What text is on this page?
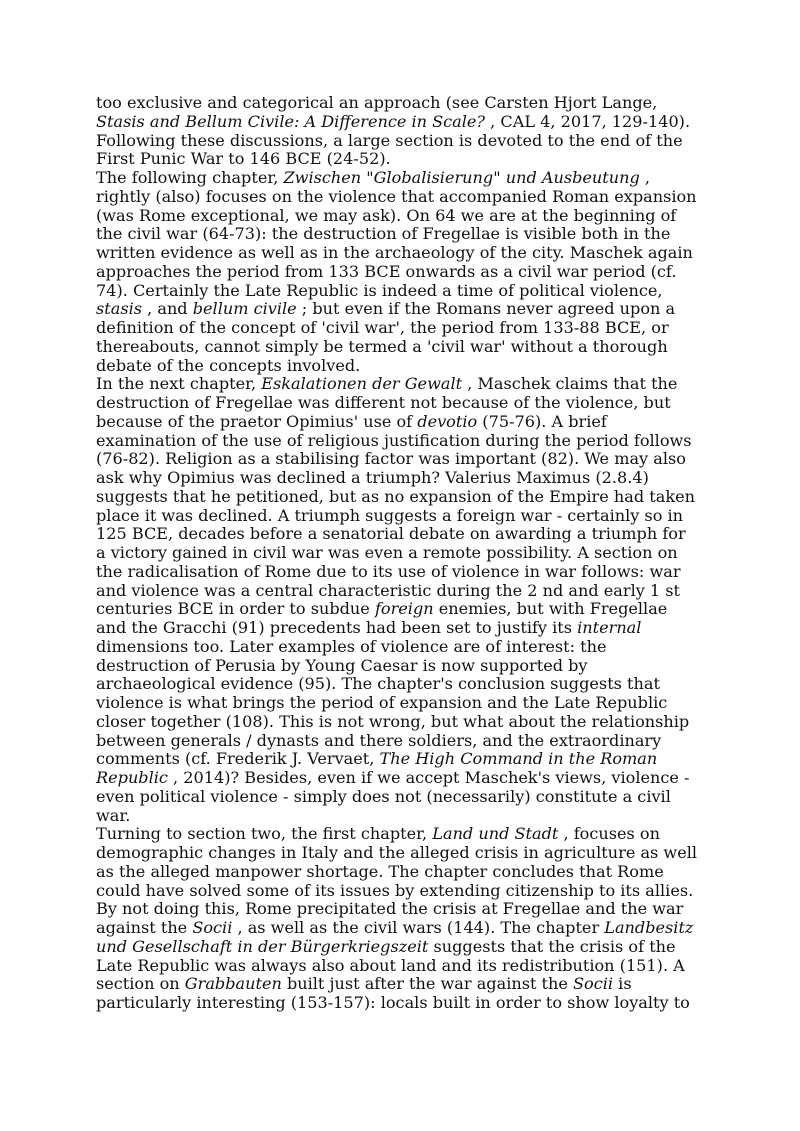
too exclusive and categorical an approach (see Carsten Hjort Lange,
Stasis and Bellum Civile: A Difference in Scale? , CAL 4, 2017, 129-140).
Following these discussions, a large section is devoted to the end of the
First Punic War to 146 BCE (24-52).
The following chapter, Zwischen "Globalisierung" und Ausbeutung ,
rightly (also) focuses on the violence that accompanied Roman expansion
(was Rome exceptional, we may ask). On 64 we are at the beginning of
the civil war (64-73): the destruction of Fregellae is visible both in the
written evidence as well as in the archaeology of the city. Maschek again
approaches the period from 133 BCE onwards as a civil war period (cf.
74). Certainly the Late Republic is indeed a time of political violence,
stasis , and bellum civile ; but even if the Romans never agreed upon a
definition of the concept of 'civil war', the period from 133-88 BCE, or
thereabouts, cannot simply be termed a 'civil war' without a thorough
debate of the concepts involved.
In the next chapter, Eskalationen der Gewalt , Maschek claims that the
destruction of Fregellae was different not because of the violence, but
because of the praetor Opimius' use of devotio (75-76). A brief
examination of the use of religious justification during the period follows
(76-82). Religion as a stabilising factor was important (82). We may also
ask why Opimius was declined a triumph? Valerius Maximus (2.8.4)
suggests that he petitioned, but as no expansion of the Empire had taken
place it was declined. A triumph suggests a foreign war - certainly so in
125 BCE, decades before a senatorial debate on awarding a triumph for
a victory gained in civil war was even a remote possibility. A section on
the radicalisation of Rome due to its use of violence in war follows: war
and violence was a central characteristic during the 2 nd and early 1 st
centuries BCE in order to subdue foreign enemies, but with Fregellae
and the Gracchi (91) precedents had been set to justify its internal
dimensions too. Later examples of violence are of interest: the
destruction of Perusia by Young Caesar is now supported by
archaeological evidence (95). The chapter's conclusion suggests that
violence is what brings the period of expansion and the Late Republic
closer together (108). This is not wrong, but what about the relationship
between generals / dynasts and there soldiers, and the extraordinary
comments (cf. Frederik J. Vervaet, The High Command in the Roman
Republic , 2014)? Besides, even if we accept Maschek's views, violence -
even political violence - simply does not (necessarily) constitute a civil
war.
Turning to section two, the first chapter, Land und Stadt , focuses on
demographic changes in Italy and the alleged crisis in agriculture as well
as the alleged manpower shortage. The chapter concludes that Rome
could have solved some of its issues by extending citizenship to its allies.
By not doing this, Rome precipitated the crisis at Fregellae and the war
against the Socii , as well as the civil wars (144). The chapter Landbesitz
und Gesellschaft in der Bürgerkriegszeit suggests that the crisis of the
Late Republic was always also about land and its redistribution (151). A
section on Grabbauten built just after the war against the Socii is
particularly interesting (153-157): locals built in order to show loyalty to
